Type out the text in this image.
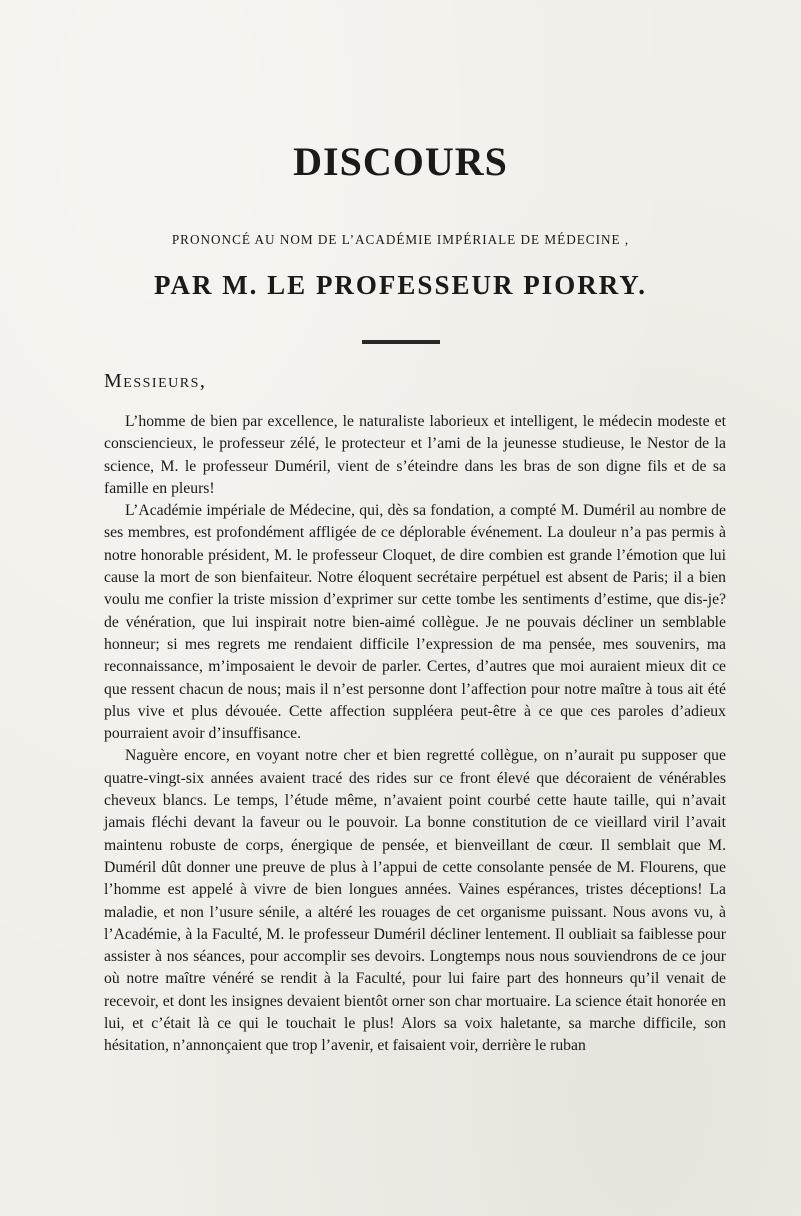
DISCOURS
PRONONCÉ AU NOM DE L’ACADÉMIE IMPÉRIALE DE MÉDECINE ,
PAR M. LE PROFESSEUR PIORRY.
Messieurs,

L’homme de bien par excellence, le naturaliste laborieux et intelligent, le médecin modeste et consciencieux, le professeur zélé, le protecteur et l’ami de la jeunesse studieuse, le Nestor de la science, M. le professeur Duméril, vient de s’éteindre dans les bras de son digne fils et de sa famille en pleurs!

L’Académie impériale de Médecine, qui, dès sa fondation, a compté M. Duméril au nombre de ses membres, est profondément affligée de ce déplorable événement. La douleur n’a pas permis à notre honorable président, M. le professeur Cloquet, de dire combien est grande l’émotion que lui cause la mort de son bienfaiteur. Notre éloquent secrétaire perpétuel est absent de Paris; il a bien voulu me confier la triste mission d’exprimer sur cette tombe les sentiments d’estime, que dis-je? de vénération, que lui inspirait notre bien-aimé collègue. Je ne pouvais décliner un semblable honneur; si mes regrets me rendaient difficile l’expression de ma pensée, mes souvenirs, ma reconnaissance, m’imposaient le devoir de parler. Certes, d’autres que moi auraient mieux dit ce que ressent chacun de nous; mais il n’est personne dont l’affection pour notre maître à tous ait été plus vive et plus dévouée. Cette affection suppléera peut-être à ce que ces paroles d’adieux pourraient avoir d’insuffisance.

Naguère encore, en voyant notre cher et bien regretté collègue, on n’aurait pu supposer que quatre-vingt-six années avaient tracé des rides sur ce front élevé que décoraient de vénérables cheveux blancs. Le temps, l’étude même, n’avaient point courbé cette haute taille, qui n’avait jamais fléchi devant la faveur ou le pouvoir. La bonne constitution de ce vieillard viril l’avait maintenu robuste de corps, énergique de pensée, et bienveillant de cœur. Il semblait que M. Duméril dût donner une preuve de plus à l’appui de cette consolante pensée de M. Flourens, que l’homme est appelé à vivre de bien longues années. Vaines espérances, tristes déceptions! La maladie, et non l’usure sénile, a altéré les rouages de cet organisme puissant. Nous avons vu, à l’Académie, à la Faculté, M. le professeur Duméril décliner lentement. Il oubliait sa faiblesse pour assister à nos séances, pour accomplir ses devoirs. Longtemps nous nous souviendrons de ce jour où notre maître vénéré se rendit à la Faculté, pour lui faire part des honneurs qu’il venait de recevoir, et dont les insignes devaient bientôt orner son char mortuaire. La science était honorée en lui, et c’était là ce qui le touchait le plus! Alors sa voix haletante, sa marche difficile, son hésitation, n’annonçaient que trop l’avenir, et faisaient voir, derrière le ruban
